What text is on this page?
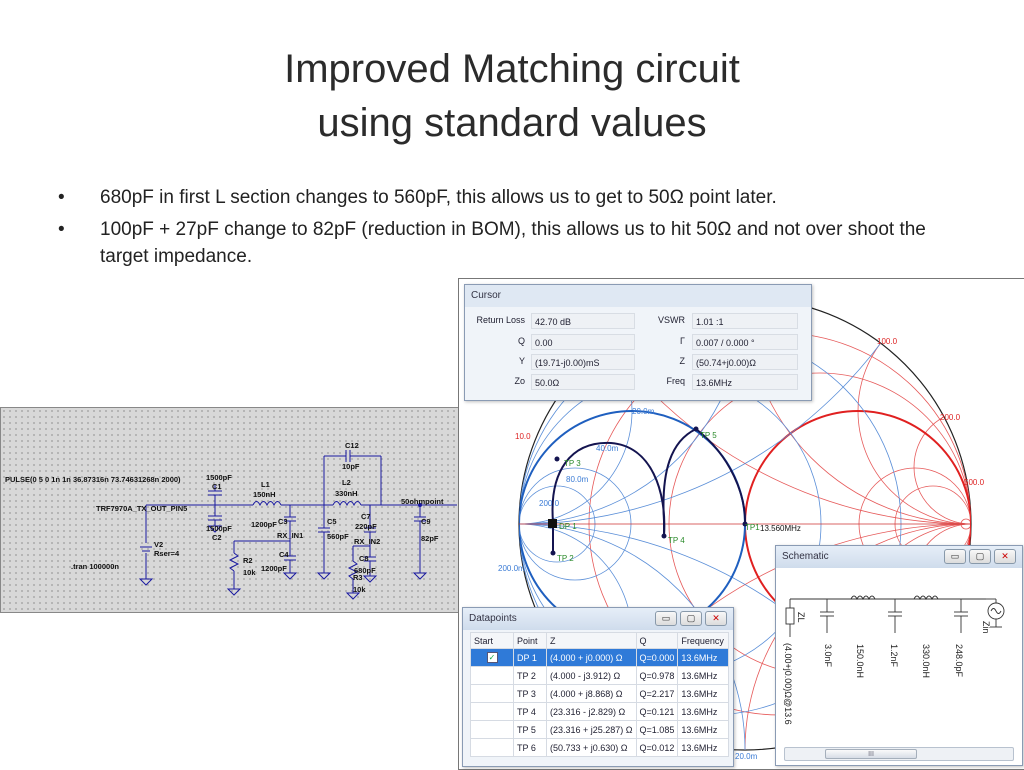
Improved Matching circuit
using standard values
• 680pF in first L section changes to 560pF, this allows us to get to 50Ω point later.
• 100pF + 27pF change to 82pF (reduction in BOM), this allows us to hit 50Ω and not over shoot the target impedance.
PULSE(0 5 0 1n 1n 36.87316n 73.74631268n 2000)
TRF7970A_TX_OUT_PIN5
V2
Rser=4
.tran 100000n
1500pF
C1
1500pF
C2
L1
150nH
1200pF C3
RX_IN1
R2
10k
C4
1200pF
C5
560pF
C12
10pF
L2
330nH
C7
220pF
RX_IN2
C8
680pF
R3
10k
50ohmpoint
C9
82pF
DP 1
TP 2
TP 3
TP 4
TP 5
TP1 13.560MHz
100.0
200.0
500.0
10.0
20.0m
40.0m
80.0m
200.0
200.0m
20.0m
Cursor
Return Loss	42.70 dB
Q	0.00
Y	(19.71-j0.00)mS
Zo	50.0Ω
VSWR	1.01 :1
Γ	0.007 / 0.000 °
Z	(50.74+j0.00)Ω
Freq	13.6MHz
Datapoints	▭	▢	✕
Start	Point	Z	Q	Frequency
✓	DP 1	(4.000 + j0.000) Ω	Q=0.000	13.6MHz
	TP 2	(4.000 - j3.912) Ω	Q=0.978	13.6MHz
	TP 3	(4.000 + j8.868) Ω	Q=2.217	13.6MHz
	TP 4	(23.316 - j2.829) Ω	Q=0.121	13.6MHz
	TP 5	(23.316 + j25.287) Ω	Q=1.085	13.6MHz
	TP 6	(50.733 + j0.630) Ω	Q=0.012	13.6MHz
Schematic	▭	▢	✕
ZL
Zin
(4.00+j0.00)Ω@13.6	3.0nF 150.0nH	1.2nF 330.0nH	248.0pF
III
